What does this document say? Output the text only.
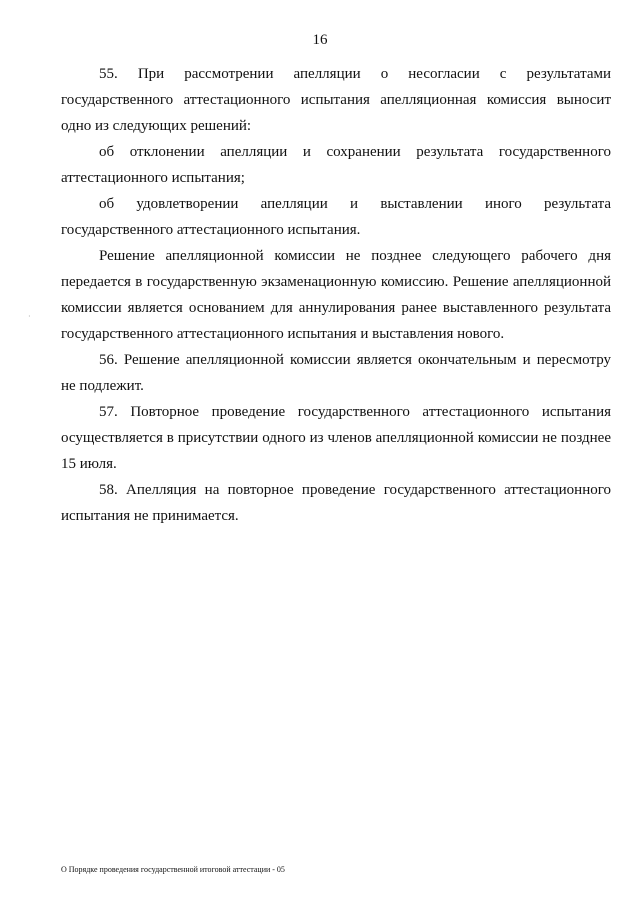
16

55. При рассмотрении апелляции о несогласии с результатами государственного аттестационного испытания апелляционная комиссия выносит одно из следующих решений:

об отклонении апелляции и сохранении результата государственного аттестационного испытания;

об удовлетворении апелляции и выставлении иного результата государственного аттестационного испытания.

Решение апелляционной комиссии не позднее следующего рабочего дня передается в государственную экзаменационную комиссию. Решение апелляционной комиссии является основанием для аннулирования ранее выставленного результата государственного аттестационного испытания и выставления нового.

56. Решение апелляционной комиссии является окончательным и пересмотру не подлежит.

57. Повторное проведение государственного аттестационного испытания осуществляется в присутствии одного из членов апелляционной комиссии не позднее 15 июля.

58. Апелляция на повторное проведение государственного аттестационного испытания не принимается.

·
О Порядке проведения государственной итоговой аттестации - 05
